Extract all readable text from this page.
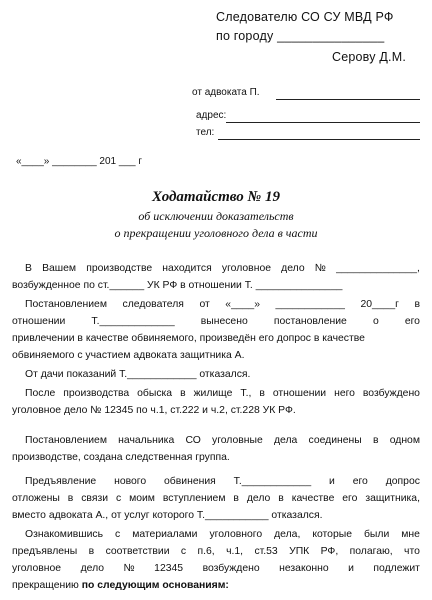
Следователю СО СУ МВД РФ
по городу _______________
Серову Д.М.
от адвоката П.
адрес:
тел:
«____» ________ 201 ___ г
Ходатайство № 19
об исключении доказательств
о прекращении уголовного дела в части
В Вашем производстве находится уголовное дело № ______________,
возбужденное по ст.______ УК РФ в отношении Т. _______________
Постановлением следователя от «____» ____________ 20____г в
отношении	Т._____________	вынесено	постановление	о	его
привлечении в качестве обвиняемого, произведён его допрос в качестве
обвиняемого с участием адвоката защитника А.
От дачи показаний Т.____________ отказался.
После производства обыска в жилище Т., в отношении него возбуждено
уголовное дело № 12345 по ч.1, ст.222 и ч.2, ст.228 УК РФ.
Постановлением начальника СО уголовные дела соединены в одном
производстве, создана следственная группа.
Предъявление нового обвинения Т.____________ и его допрос
отложены в связи с моим вступлением в дело в качестве его защитника,
вместо адвоката А., от услуг которого Т.___________ отказался.
Ознакомившись с материалами уголовного дела, которые были мне
предъявлены в соответствии с п.6, ч.1, ст.53 УПК РФ, полагаю, что
уголовное дело № 12345 возбуждено незаконно и подлежит
прекращению по следующим основаниям:
